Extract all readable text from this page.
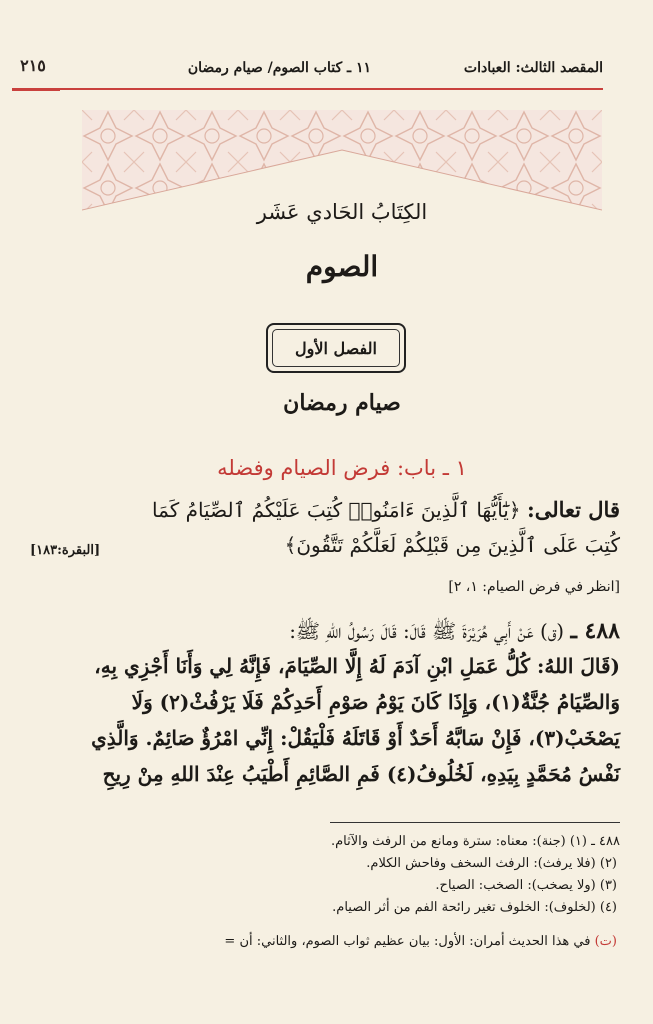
المقصد الثالث: العبادات
١١ ـ كتاب الصوم/ صيام رمضان
٢١٥
الكِتَابُ الحَادي عَشَر
الصوم
الفصل الأول
صيام رمضان
١ ـ باب: فرض الصيام وفضله
قال تعالى: ﴿يَٰٓأَيُّهَا ٱلَّذِينَ ءَامَنُوا۟ كُتِبَ عَلَيْكُمُ ٱلصِّيَامُ كَمَا
كُتِبَ عَلَى ٱلَّذِينَ مِن قَبْلِكُمْ لَعَلَّكُمْ تَتَّقُونَ﴾
[البقرة:١٨٣]
[انظر في فرض الصيام: ١، ٢]
٤٨٨ ـ (ق) عَنْ أَبِي هُرَيْرَةَ ﷺ قَالَ: قَالَ رَسُولُ اللهِ ﷺ:
(قَالَ اللهُ: كُلُّ عَمَلِ ابْنِ آدَمَ لَهُ إِلَّا الصِّيَامَ، فَإِنَّهُ لِي وَأَنَا أَجْزِي بِهِ،
وَالصِّيَامُ جُنَّةٌ(١)، وَإِذَا كَانَ يَوْمُ صَوْمِ أَحَدِكُمْ فَلَا يَرْفُثْ(٢) وَلَا
يَصْخَبْ(٣)، فَإِنْ سَابَّهُ أَحَدٌ أَوْ قَاتَلَهُ فَلْيَقُلْ: إِنِّي امْرُؤٌ صَائِمٌ. وَالَّذِي
نَفْسُ مُحَمَّدٍ بِيَدِهِ، لَخُلُوفُ(٤) فَمِ الصَّائِمِ أَطْيَبُ عِنْدَ اللهِ مِنْ رِيحِ
٤٨٨ ـ (١) (جنة): معناه: سترة ومانع من الرفث والآثام.
(٢) (فلا يرفث): الرفث السخف وفاحش الكلام.
(٣) (ولا يصخب): الصخب: الصياح.
(٤) (لخلوف): الخلوف تغير رائحة الفم من أثر الصيام.
(ت) في هذا الحديث أمران: الأول: بيان عظيم ثواب الصوم، والثاني: أن =
